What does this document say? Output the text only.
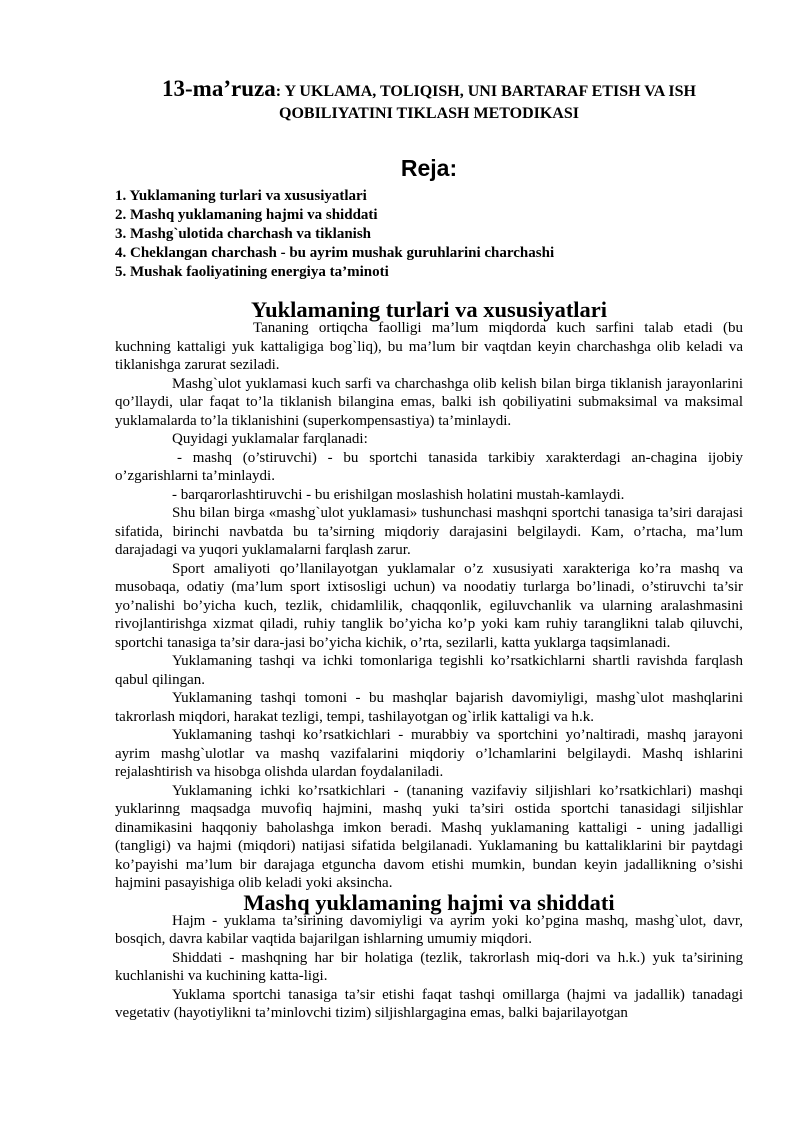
13-ma’ruza: Y UKLAMA, TOLIQISH, UNI BARTARAF ETISH VA ISH
QOBILIYATINI TIKLASH METODIKASI
Reja:
1. Yuklamaning turlari va xususiyatlari
2. Mashq yuklamaning hajmi va shiddati
3. Mashg`ulotida charchash va tiklanish
4. Cheklangan charchash - bu ayrim mushak guruhlarini charchashi
5. Mushak faoliyatining energiya ta’minoti
Yuklamaning turlari va xususiyatlari

Tananing ortiqcha faolligi ma’lum miqdorda kuch sarfini talab etadi (bu kuchning kattaligi yuk kattaligiga bog`liq), bu ma’lum bir vaqtdan keyin charchashga olib keladi va tiklanishga zarurat seziladi.

Mashg`ulot yuklamasi kuch sarfi va charchashga olib kelish bilan birga tiklanish jarayonlarini qo’llaydi, ular faqat to’la tiklanish bilangina emas, balki ish qobiliyatini submaksimal va maksimal yuklamalarda to’la tiklanishini (superkompensastiya) ta’minlaydi.

Quyidagi yuklamalar farqlanadi:

- mashq (o’stiruvchi) - bu sportchi tanasida tarkibiy xarakterdagi an-chagina ijobiy o’zgarishlarni ta’minlaydi.

- barqarorlashtiruvchi - bu erishilgan moslashish holatini mustah-kamlaydi.

Shu bilan birga «mashg`ulot yuklamasi» tushunchasi mashqni sportchi tanasiga ta’siri darajasi sifatida, birinchi navbatda bu ta’sirning miqdoriy darajasini belgilaydi. Kam, o’rtacha, ma’lum darajadagi va yuqori yuklamalarni farqlash zarur.

Sport amaliyoti qo’llanilayotgan yuklamalar o’z xususiyati xarakteriga ko’ra mashq va musobaqa, odatiy (ma’lum sport ixtisosligi uchun) va noodatiy turlarga bo’linadi, o’stiruvchi ta’sir yo’nalishi bo’yicha kuch, tezlik, chidamlilik, chaqqonlik, egiluvchanlik va ularning aralashmasini rivojlantirishga xizmat qiladi, ruhiy tanglik bo’yicha ko’p yoki kam ruhiy taranglikni talab qiluvchi, sportchi tanasiga ta’sir dara-jasi bo’yicha kichik, o’rta, sezilarli, katta yuklarga taqsimlanadi.

Yuklamaning tashqi va ichki tomonlariga tegishli ko’rsatkichlarni shartli ravishda farqlash qabul qilingan.

Yuklamaning tashqi tomoni - bu mashqlar bajarish davomiyligi, mashg`ulot mashqlarini takrorlash miqdori, harakat tezligi, tempi, tashilayotgan og`irlik kattaligi va h.k.

Yuklamaning tashqi ko’rsatkichlari - murabbiy va sportchini yo’naltiradi, mashq jarayoni ayrim mashg`ulotlar va mashq vazifalarini miqdoriy o’lchamlarini belgilaydi. Mashq ishlarini rejalashtirish va hisobga olishda ulardan foydalaniladi.

Yuklamaning ichki ko’rsatkichlari - (tananing vazifaviy siljishlari ko’rsatkichlari) mashqi yuklarinng maqsadga muvofiq hajmini, mashq yuki ta’siri ostida sportchi tanasidagi siljishlar dinamikasini haqqoniy baholashga imkon beradi. Mashq yuklamaning kattaligi - uning jadalligi (tangligi) va hajmi (miqdori) natijasi sifatida belgilanadi. Yuklamaning bu kattaliklarini bir paytdagi ko’payishi ma’lum bir darajaga etguncha davom etishi mumkin, bundan keyin jadallikning o’sishi hajmini pasayishiga olib keladi yoki aksincha.

Mashq yuklamaning hajmi va shiddati

Hajm - yuklama ta’sirining davomiyligi va ayrim yoki ko’pgina mashq, mashg`ulot, davr, bosqich, davra kabilar vaqtida bajarilgan ishlarning umumiy miqdori.

Shiddati - mashqning har bir holatiga (tezlik, takrorlash miq-dori va h.k.) yuk ta’sirining kuchlanishi va kuchining katta-ligi.

Yuklama sportchi tanasiga ta’sir etishi faqat tashqi omillarga (hajmi va jadallik) tanadagi vegetativ (hayotiylikni ta’minlovchi tizim) siljishlargagina emas, balki bajarilayotgan
